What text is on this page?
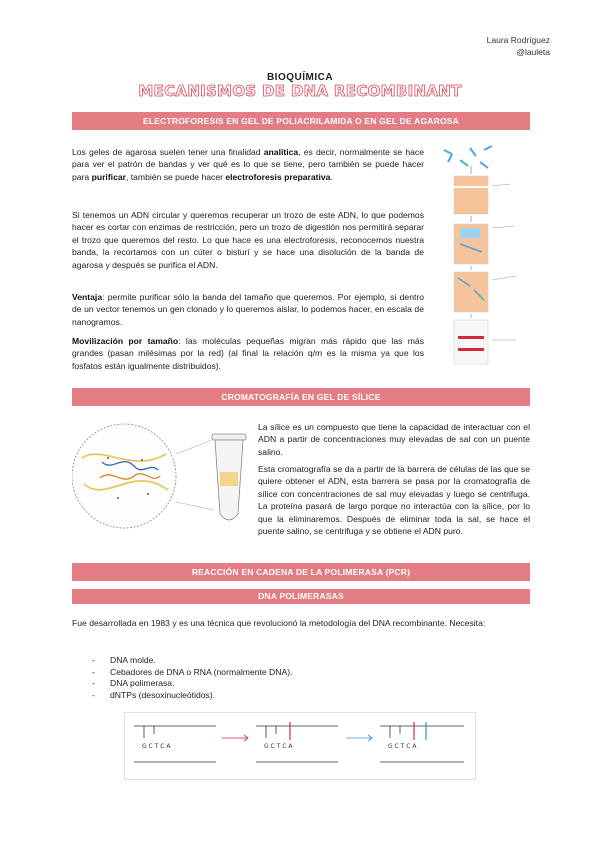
Laura Rodríguez
@lauleta
BIOQUÍMICA
MECANISMOS DE DNA RECOMBINANT
ELECTROFORESIS EN GEL DE POLIACRILAMIDA O EN GEL DE AGAROSA
Los geles de agarosa suelen tener una finalidad analítica, es decir, normalmente se hace para ver el patrón de bandas y ver qué es lo que se tiene, pero también se puede hacer para purificar, también se puede hacer electroforesis preparativa.
Si tenemos un ADN circular y queremos recuperar un trozo de este ADN, lo que podemos hacer es cortar con enzimas de restricción, pero un trozo de digestión nos permitirá separar el trozo que queremos del resto. Lo que hace es una electroforesis, reconocemos nuestra banda, la recortamos con un cúter o bisturí y se hace una disolución de la banda de agarosa y después se purifica el ADN.
Ventaja: permite purificar sólo la banda del tamaño que queremos. Por ejemplo, si dentro de un vector tenemos un gen clonado y lo queremos aislar, lo podemos hacer, en escala de nanogramos.
Movilización por tamaño: las moléculas pequeñas migran más rápido que las más grandes (pasan milésimas por la red) (al final la relación q/m es la misma ya que los fosfatos están igualmente distribuidos).
CROMATOGRAFÍA EN GEL DE SÍLICE
La sílice es un compuesto que tiene la capacidad de interactuar con el ADN a partir de concentraciones muy elevadas de sal con un puente salino.
Esta cromatografía se da a partir de la barrera de células de las que se quiere obtener el ADN, esta barrera se pasa por la cromatografía de sílice con concentraciones de sal muy elevadas y luego se centrifuga. La proteína pasará de largo porque no interactúa con la sílice, por lo que la eliminaremos. Después de eliminar toda la sal, se hace el puente salino, se centrifuga y se obtiene el ADN puro.
REACCIÓN EN CADENA DE LA POLIMERASA (PCR)
DNA POLIMERASAS
Fue desarrollada en 1983 y es una técnica que revolucionó la metodología del DNA recombinante. Necesita:
- DNA molde.
- Cebadores de DNA o RNA (normalmente DNA).
- DNA polimerasa.
- dNTPs (desoxinucleótidos).
G C T C A	G C T C A	G C T C A
